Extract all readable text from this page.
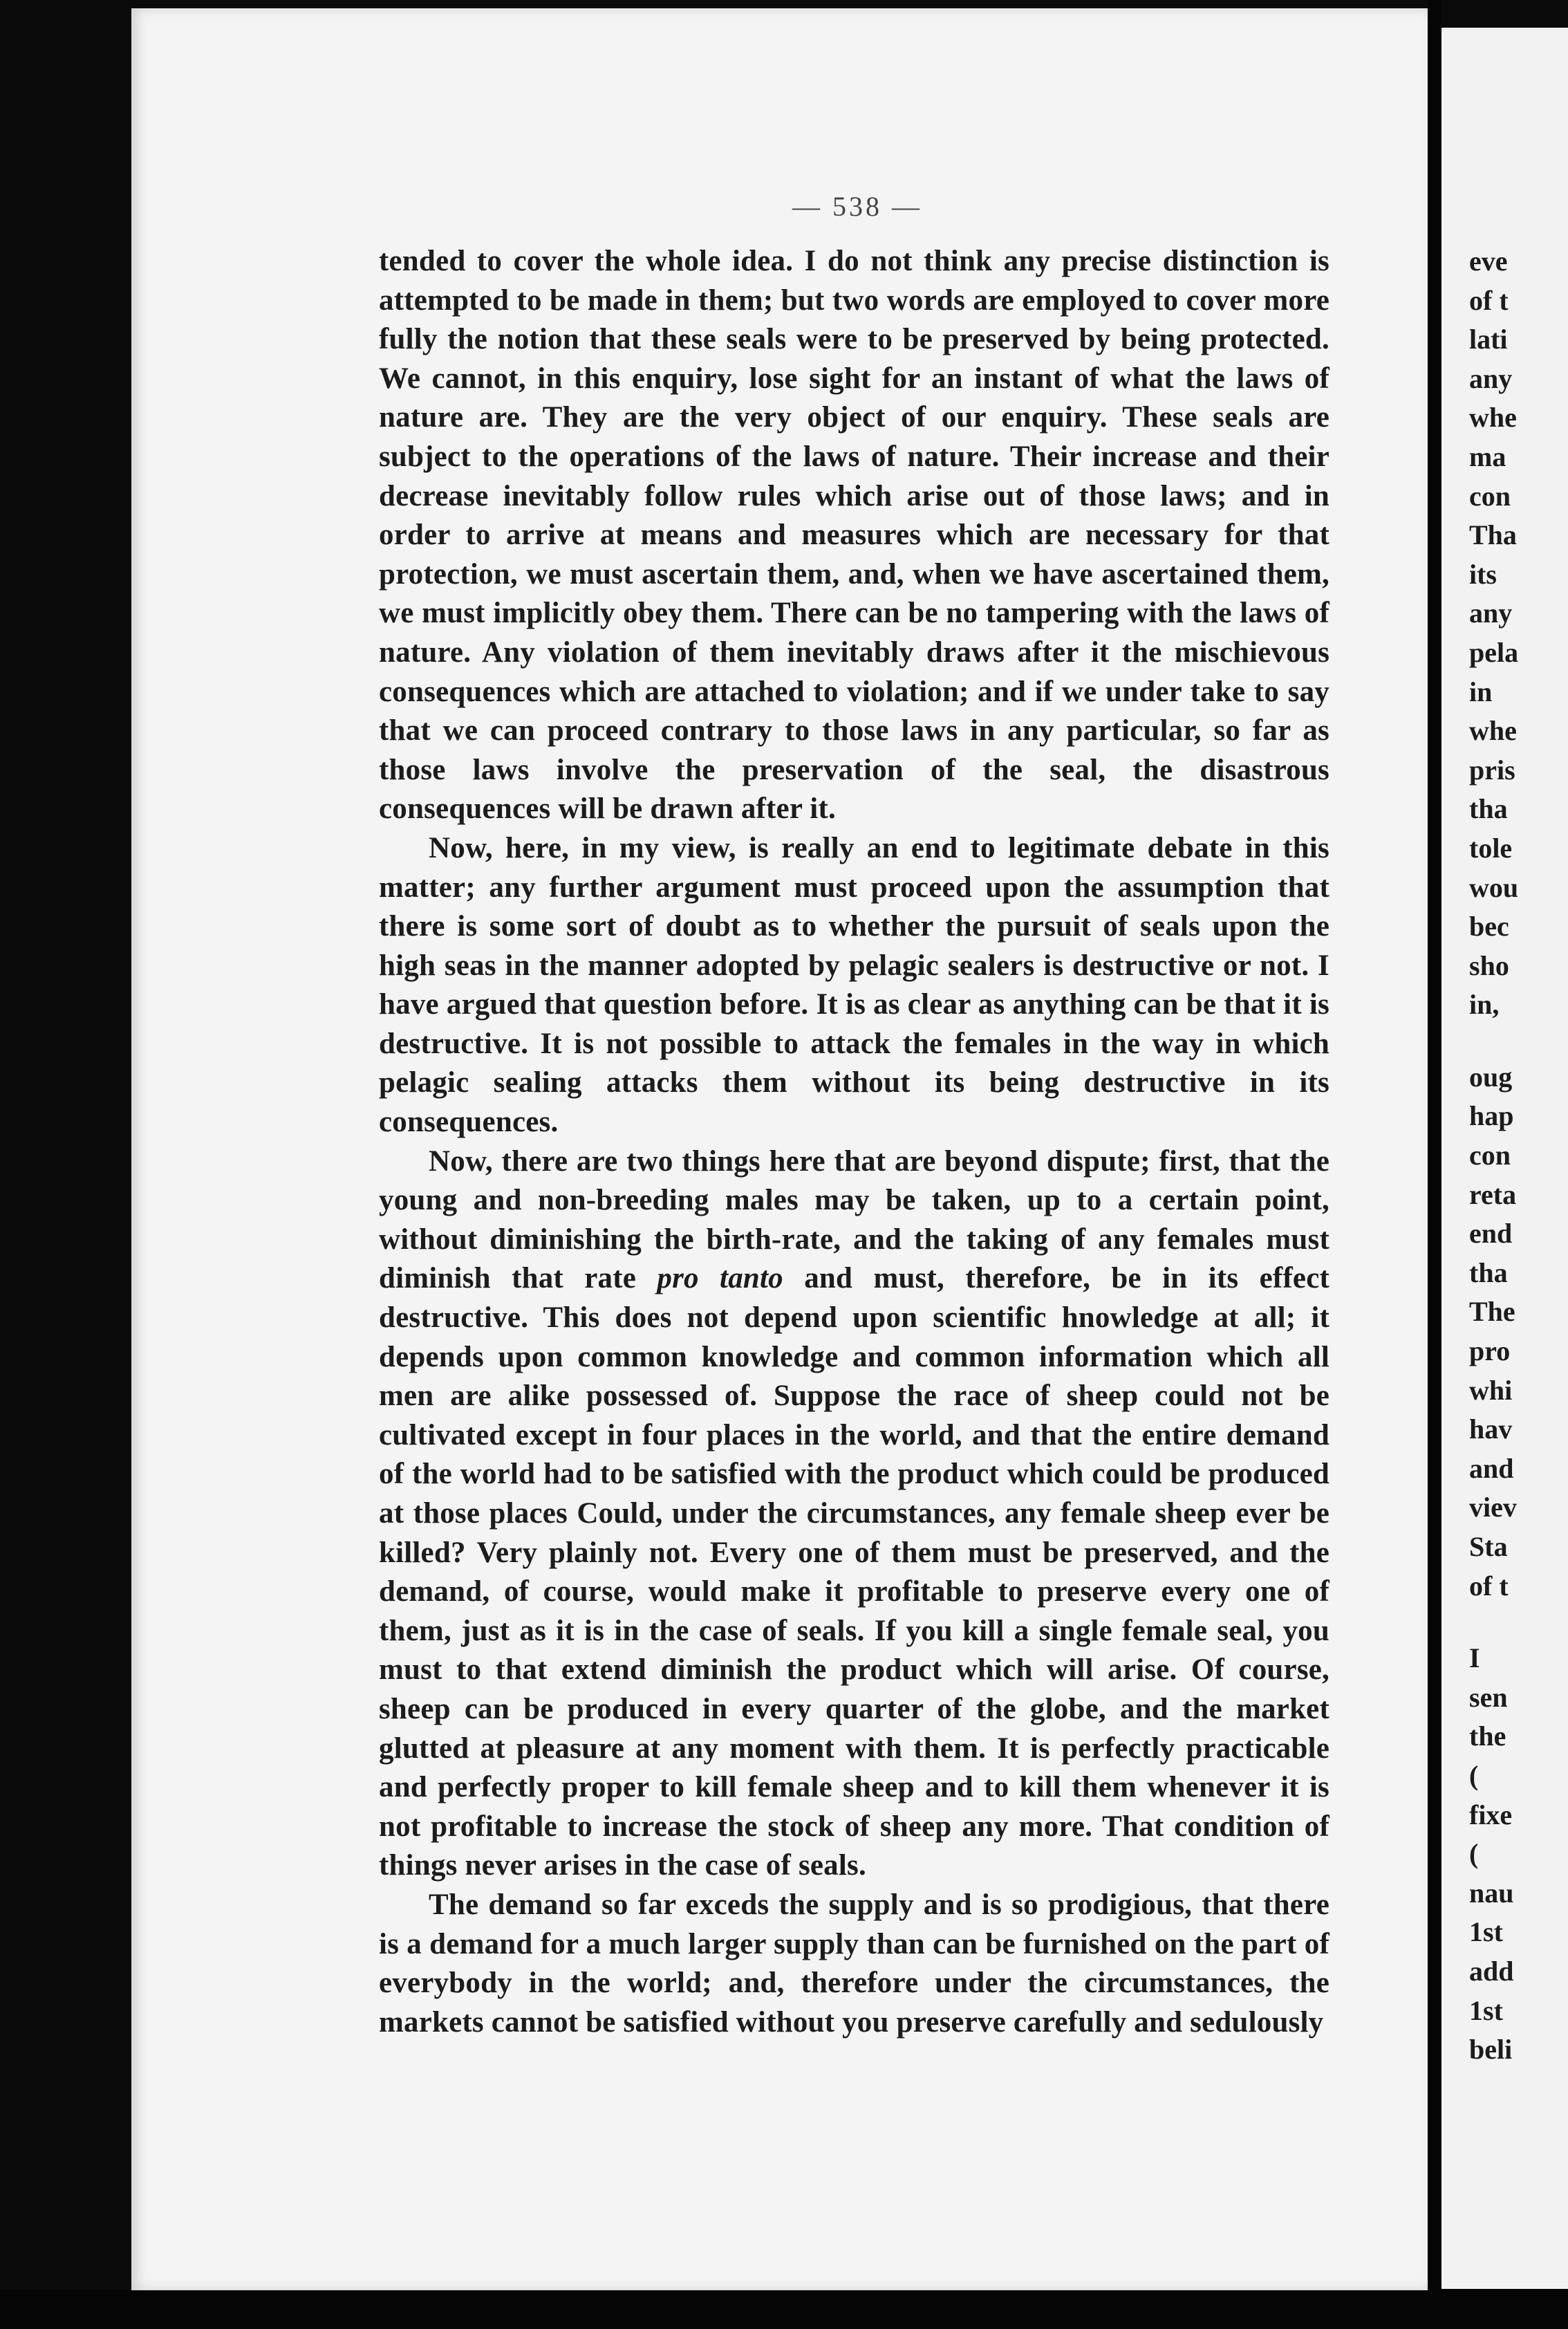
— 538 —

tended to cover the whole idea. I do not think any precise distinction is attempted to be made in them; but two words are employed to cover more fully the notion that these seals were to be preserved by being protected. We cannot, in this enquiry, lose sight for an instant of what the laws of nature are. They are the very object of our enquiry. These seals are subject to the operations of the laws of nature. Their increase and their decrease inevitably follow rules which arise out of those laws; and in order to arrive at means and measures which are necessary for that protection, we must ascertain them, and, when we have ascertained them, we must implicitly obey them. There can be no tampering with the laws of nature. Any violation of them inevitably draws after it the mischievous consequences which are attached to violation; and if we under take to say that we can proceed contrary to those laws in any particular, so far as those laws involve the preservation of the seal, the disastrous consequences will be drawn after it.

Now, here, in my view, is really an end to legitimate debate in this matter; any further argument must proceed upon the assumption that there is some sort of doubt as to whether the pursuit of seals upon the high seas in the manner adopted by pelagic sealers is destructive or not. I have argued that question before. It is as clear as anything can be that it is destructive. It is not possible to attack the females in the way in which pelagic sealing attacks them without its being destructive in its consequences.

Now, there are two things here that are beyond dispute; first, that the young and non-breeding males may be taken, up to a certain point, without diminishing the birth-rate, and the taking of any females must diminish that rate pro tanto and must, therefore, be in its effect destructive. This does not depend upon scientific hnowledge at all; it depends upon common knowledge and common information which all men are alike possessed of. Suppose the race of sheep could not be cultivated except in four places in the world, and that the entire demand of the world had to be satisfied with the product which could be produced at those places Could, under the circumstances, any female sheep ever be killed? Very plainly not. Every one of them must be preserved, and the demand, of course, would make it profitable to preserve every one of them, just as it is in the case of seals. If you kill a single female seal, you must to that extend diminish the product which will arise. Of course, sheep can be produced in every quarter of the globe, and the market glutted at pleasure at any moment with them. It is perfectly practicable and perfectly proper to kill female sheep and to kill them whenever it is not profitable to increase the stock of sheep any more. That condition of things never arises in the case of seals.

The demand so far exceds the supply and is so prodigious, that there is a demand for a much larger supply than can be furnished on the part of everybody in the world; and, therefore under the circumstances, the markets cannot be satisfied without you preserve carefully and sedulously

eve
of t
lati
any
whe
ma
con
Tha
its
any
pela
in
whe
pris
tha
tole
wou
bec
sho
in,
oug
hap
con
reta
end
tha
The
pro
whi
hav
and
viev
Sta
of t
I
sen
the
(
fixe
(
nau
1st
add
1st
beli
